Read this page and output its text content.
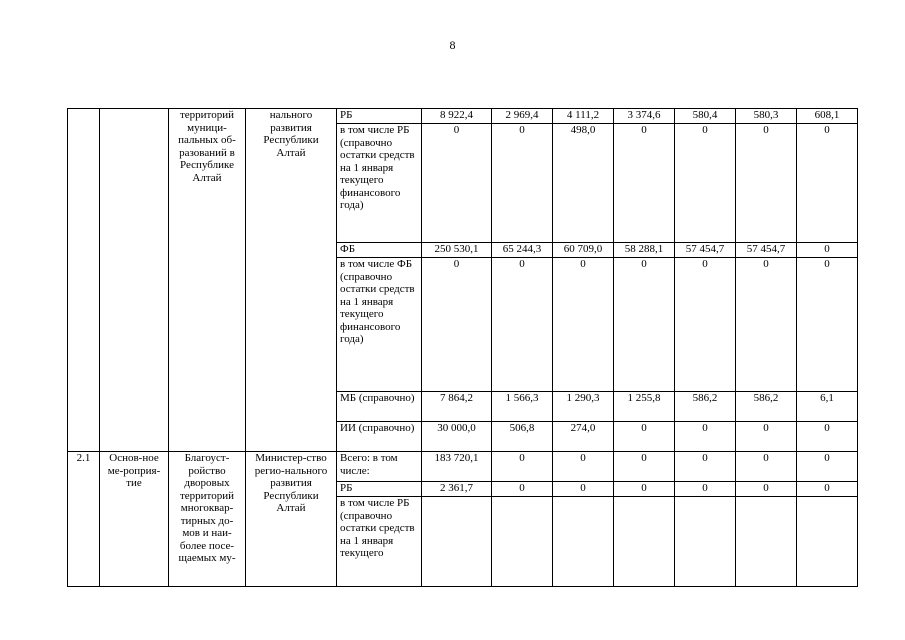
8
		территорий муници-пальных об-разований в Республике Алтай	нального развития Республики Алтай	РБ	8 922,4	2 969,4	4 111,2	3 374,6	580,4	580,3	608,1
				в том числе РБ (справочно остатки средств на 1 января текущего финансового года)	0	0	498,0	0	0	0	0
				ФБ	250 530,1	65 244,3	60 709,0	58 288,1	57 454,7	57 454,7	0
				в том числе ФБ (справочно остатки средств на 1 января текущего финансового года)	0	0	0	0	0	0	0
				МБ (справочно)	7 864,2	1 566,3	1 290,3	1 255,8	586,2	586,2	6,1
				ИИ (справочно)	30 000,0	506,8	274,0	0	0	0	0
2.1	Основ-ное ме-роприя-тие	Благоуст-ройство дворовых территорий многоквар-тирных до-мов и наи-более посе-щаемых му-	Министер-ство регио-нального развития Республики Алтай	Всего: в том числе:	183 720,1	0	0	0	0	0	0
				РБ	2 361,7	0	0	0	0	0	0
				в том числе РБ (справочно остатки средств на 1 января текущего							
